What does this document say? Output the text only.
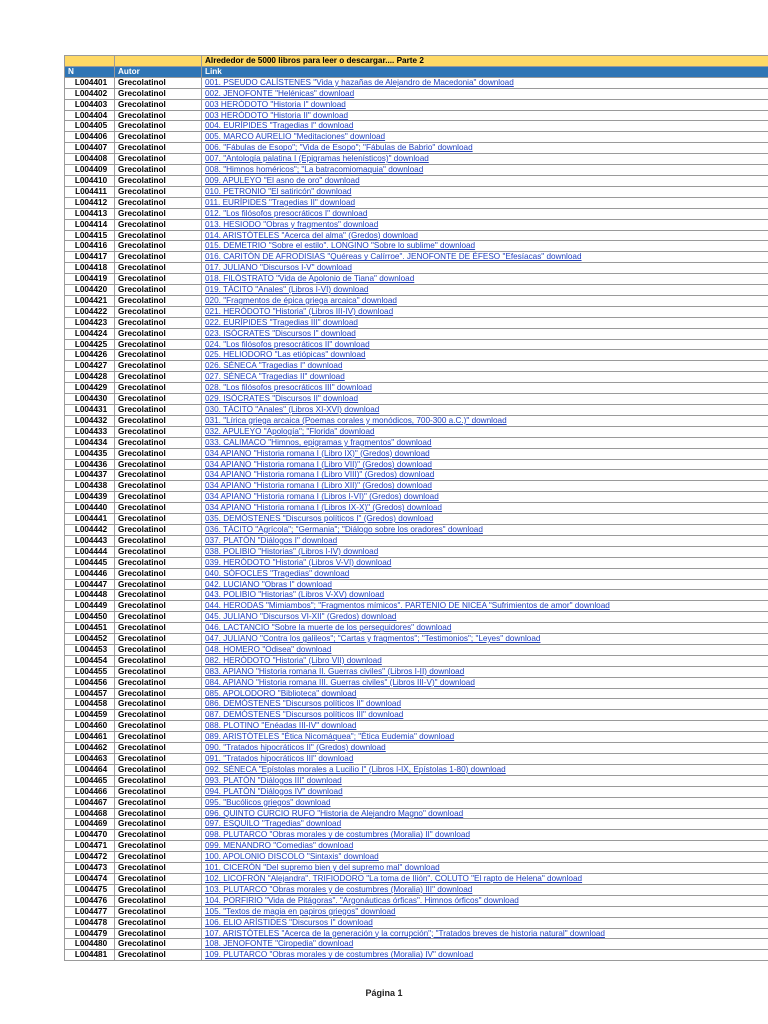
		Alrededor de 5000 libros para leer o descargar.... Parte 2
N	Autor	Link
L004401	Grecolatinol	001. PSEUDO CALÍSTENES "Vida y hazañas de Alejandro de Macedonia" download
L004402	Grecolatinol	002. JENOFONTE "Helénicas" download
L004403	Grecolatinol	003 HERÓDOTO "Historia I" download
L004404	Grecolatinol	003 HERÓDOTO "Historia II" download
L004405	Grecolatinol	004. EURÍPIDES "Tragedias I" download
L004406	Grecolatinol	005. MARCO AURELIO "Meditaciones" download
L004407	Grecolatinol	006. "Fábulas de Esopo"; "Vida de Esopo"; "Fábulas de Babrio" download
L004408	Grecolatinol	007. "Antología palatina I (Epigramas helenísticos)" download
L004409	Grecolatinol	008. "Himnos homéricos"; "La batracomiomaquia" download
L004410	Grecolatinol	009. APULEYO "El asno de oro" download
L004411	Grecolatinol	010. PETRONIO "El satiricón" download
L004412	Grecolatinol	011. EURÍPIDES "Tragedias II" download
L004413	Grecolatinol	012. "Los filósofos presocráticos I" download
L004414	Grecolatinol	013. HESIODO "Obras y fragmentos" download
L004415	Grecolatinol	014. ARISTÓTELES "Acerca del alma" (Gredos) download
L004416	Grecolatinol	015. DEMETRIO "Sobre el estilo". LONGINO "Sobre lo sublime" download
L004417	Grecolatinol	016. CARITÓN DE AFRODISIAS "Quéreas y Calírroe". JENOFONTE DE ÉFESO "Efesíacas" download
L004418	Grecolatinol	017. JULIANO "Discursos I-V" download
L004419	Grecolatinol	018. FILÓSTRATO "Vida de Apolonio de Tiana" download
L004420	Grecolatinol	019. TÁCITO "Anales" (Libros I-VI) download
L004421	Grecolatinol	020. "Fragmentos de épica griega arcaica" download
L004422	Grecolatinol	021. HERÓDOTO "Historia" (Libros III-IV) download
L004423	Grecolatinol	022. EURÍPIDES "Tragedias III" download
L004424	Grecolatinol	023. ISÓCRATES "Discursos I" download
L004425	Grecolatinol	024. "Los filósofos presocráticos II" download
L004426	Grecolatinol	025. HELIODORO "Las etiópicas" download
L004427	Grecolatinol	026. SÉNECA "Tragedias I" download
L004428	Grecolatinol	027. SÉNECA "Tragedias II" download
L004429	Grecolatinol	028. "Los filósofos presocráticos III" download
L004430	Grecolatinol	029. ISÓCRATES "Discursos II" download
L004431	Grecolatinol	030. TÁCITO "Anales" (Libros XI-XVI) download
L004432	Grecolatinol	031. "Lírica griega arcaica (Poemas corales y monódicos, 700-300 a.C.)" download
L004433	Grecolatinol	032. APULEYO "Apología"; "Florida" download
L004434	Grecolatinol	033. CALIMACO "Himnos, epigramas y fragmentos" download
L004435	Grecolatinol	034 APIANO "Historia romana I (Libro IX)" (Gredos) download
L004436	Grecolatinol	034 APIANO "Historia romana I (Libro VII)" (Gredos) download
L004437	Grecolatinol	034 APIANO "Historia romana I (Libro VIII)" (Gredos) download
L004438	Grecolatinol	034 APIANO "Historia romana I (Libro XII)" (Gredos) download
L004439	Grecolatinol	034 APIANO "Historia romana I (Libros I-VI)" (Gredos) download
L004440	Grecolatinol	034 APIANO "Historia romana I (Libros IX-X)" (Gredos) download
L004441	Grecolatinol	035. DEMÓSTENES "Discursos políticos I" (Gredos) download
L004442	Grecolatinol	036. TÁCITO "Agrícola"; "Germania"; "Diálogo sobre los oradores" download
L004443	Grecolatinol	037. PLATÓN "Diálogos I" download
L004444	Grecolatinol	038. POLIBIO "Historias" (Libros I-IV) download
L004445	Grecolatinol	039. HERÓDOTO "Historia" (Libros V-VI) download
L004446	Grecolatinol	040. SÓFOCLES "Tragedias" download
L004447	Grecolatinol	042. LUCIANO "Obras I" download
L004448	Grecolatinol	043. POLIBIO "Historias" (Libros V-XV) download
L004449	Grecolatinol	044. HERODAS "Mimiambos"; "Fragmentos mímicos". PARTENIO DE NICEA "Sufrimientos de amor" download
L004450	Grecolatinol	045. JULIANO "Discursos VI-XII" (Gredos) download
L004451	Grecolatinol	046. LACTANCIO "Sobre la muerte de los perseguidores" download
L004452	Grecolatinol	047. JULIANO "Contra los galileos"; "Cartas y fragmentos"; "Testimonios"; "Leyes" download
L004453	Grecolatinol	048. HOMERO "Odisea" download
L004454	Grecolatinol	082. HERÓDOTO "Historia" (Libro VII) download
L004455	Grecolatinol	083. APIANO "Historia romana II. Guerras civiles" (Libros I-II) download
L004456	Grecolatinol	084. APIANO "Historia romana III. Guerras civiles" (Libros III-V)" download
L004457	Grecolatinol	085. APOLODORO "Biblioteca" download
L004458	Grecolatinol	086. DEMÓSTENES "Discursos políticos II" download
L004459	Grecolatinol	087. DEMÓSTENES "Discursos políticos III" download
L004460	Grecolatinol	088. PLOTINO "Enéadas III-IV" download
L004461	Grecolatinol	089. ARISTÓTELES "Ética Nicomáquea"; "Ética Eudemia" download
L004462	Grecolatinol	090. "Tratados hipocráticos II" (Gredos) download
L004463	Grecolatinol	091. "Tratados hipocráticos III" download
L004464	Grecolatinol	092. SÉNECA "Epístolas morales a Lucilio I" (Libros I-IX, Epístolas 1-80) download
L004465	Grecolatinol	093. PLATÓN "Diálogos III" download
L004466	Grecolatinol	094. PLATÓN "Diálogos IV" download
L004467	Grecolatinol	095. "Bucólicos griegos" download
L004468	Grecolatinol	096. QUINTO CURCIO RUFO "Historia de Alejandro Magno" download
L004469	Grecolatinol	097. ESQUILO "Tragedias" download
L004470	Grecolatinol	098. PLUTARCO "Obras morales y de costumbres (Moralia) II" download
L004471	Grecolatinol	099. MENANDRO "Comedias" download
L004472	Grecolatinol	100. APOLONIO DISCOLO "Sintaxis" download
L004473	Grecolatinol	101. CICERÓN "Del supremo bien y del supremo mal" download
L004474	Grecolatinol	102. LICOFRÓN "Alejandra". TRIFIODORO "La toma de Ilión". COLUTO "El rapto de Helena" download
L004475	Grecolatinol	103. PLUTARCO "Obras morales y de costumbres (Moralia) III" download
L004476	Grecolatinol	104. PORFIRIO "Vida de Pitágoras". "Argonáuticas órficas". Himnos órficos" download
L004477	Grecolatinol	105. "Textos de magia en papiros griegos" download
L004478	Grecolatinol	106. ELIO ARÍSTIDES "Discursos I" download
L004479	Grecolatinol	107. ARISTÓTELES "Acerca de la generación y la corrupción"; "Tratados breves de historia natural" download
L004480	Grecolatinol	108. JENOFONTE "Ciropedia" download
L004481	Grecolatinol	109. PLUTARCO "Obras morales y de costumbres (Moralia) IV" download
Página 1
